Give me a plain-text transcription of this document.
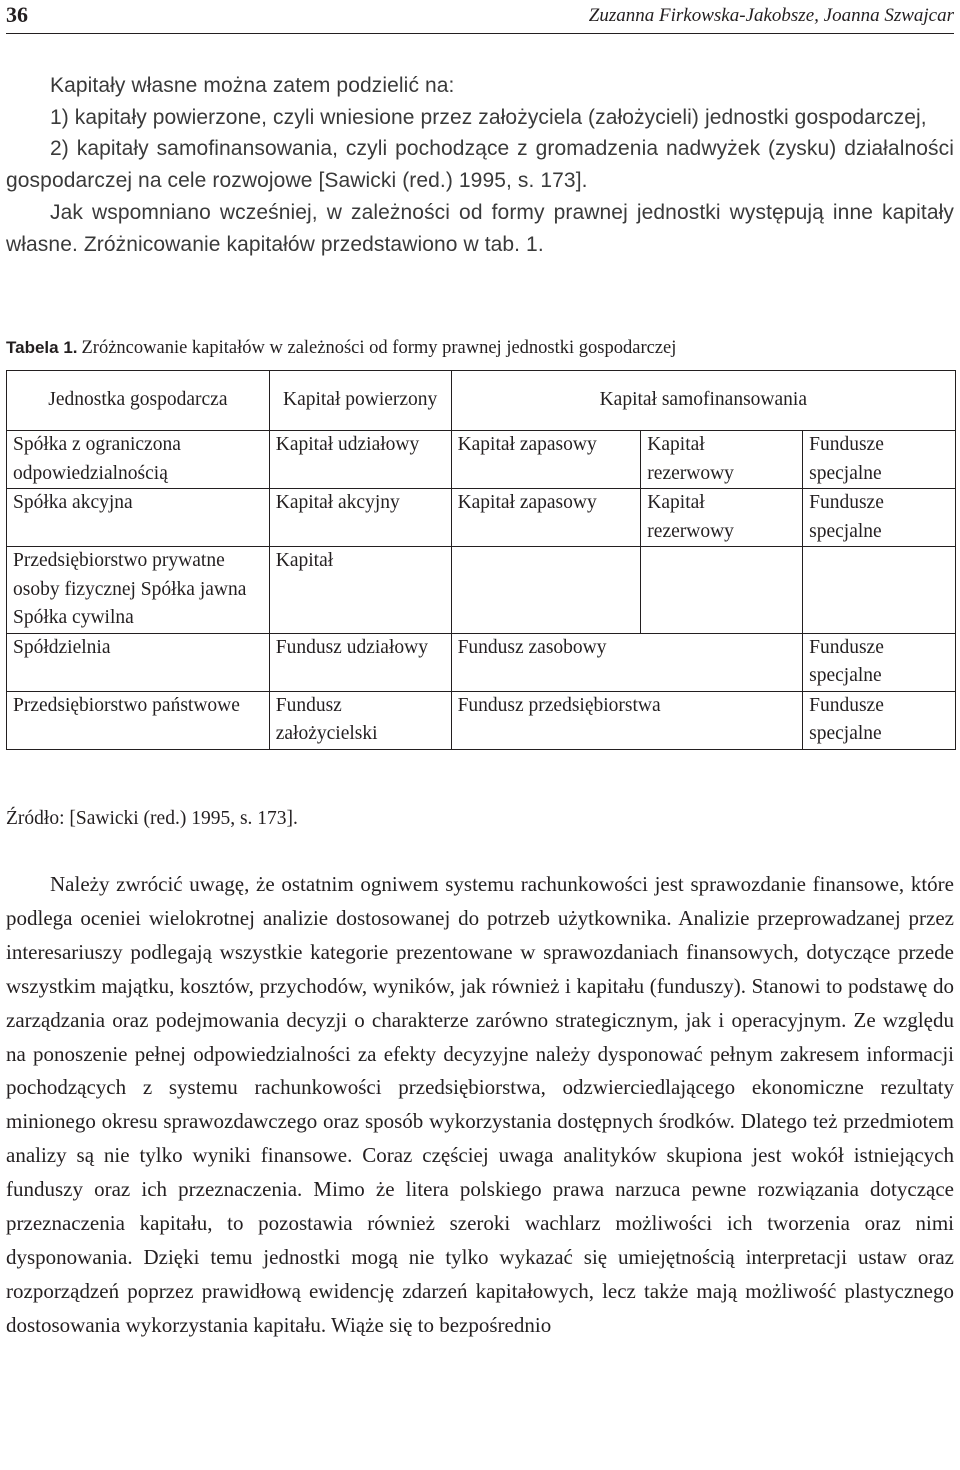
36	Zuzanna Firkowska-Jakobsze, Joanna Szwajcar

Kapitały własne można zatem podzielić na:

1) kapitały powierzone, czyli wniesione przez założyciela (założycieli) jednostki gospodarczej,

2) kapitały samofinansowania, czyli pochodzące z gromadzenia nadwyżek (zysku) działalności gospodarczej na cele rozwojowe [Sawicki (red.) 1995, s. 173].

Jak wspomniano wcześniej, w zależności od formy prawnej jednostki występują inne kapitały własne. Zróżnicowanie kapitałów przedstawiono w tab. 1.

Tabela 1. Zróżncowanie kapitałów w zależności od formy prawnej jednostki gospodarczej
Jednostka gospodarcza	Kapitał powierzony	Kapitał samofinansowania		
Spółka z ograniczona odpowiedzialnością	Kapitał udziałowy	Kapitał zapasowy	Kapitał rezerwowy	Fundusze specjalne
Spółka akcyjna	Kapitał akcyjny	Kapitał zapasowy	Kapitał rezerwowy	Fundusze specjalne
Przedsiębiorstwo prywatne osoby fizycznej Spółka jawna Spółka cywilna	Kapitał			
Spółdzielnia	Fundusz udziałowy	Fundusz zasobowy		Fundusze specjalne
Przedsiębiorstwo państwowe	Fundusz założycielski	Fundusz przedsiębiorstwa		Fundusze specjalne
Źródło: [Sawicki (red.) 1995, s. 173].

Należy zwrócić uwagę, że ostatnim ogniwem systemu rachunkowości jest sprawozdanie finansowe, które podlega oceniei wielokrotnej analizie dostosowanej do potrzeb użytkownika. Analizie przeprowadzanej przez interesariuszy podlegają wszystkie kategorie prezentowane w sprawozdaniach finansowych, dotyczące przede wszystkim majątku, kosztów, przychodów, wyników, jak również i kapitału (funduszy). Stanowi to podstawę do zarządzania oraz podejmowania decyzji o charakterze zarówno strategicznym, jak i operacyjnym. Ze względu na ponoszenie pełnej odpowiedzialności za efekty decyzyjne należy dysponować pełnym zakresem informacji pochodzących z systemu rachunkowości przedsiębiorstwa, odzwierciedlającego ekonomiczne rezultaty minionego okresu sprawozdawczego oraz sposób wykorzystania dostępnych środków. Dlatego też przedmiotem analizy są nie tylko wyniki finansowe. Coraz częściej uwaga analityków skupiona jest wokół istniejących funduszy oraz ich przeznaczenia. Mimo że litera polskiego prawa narzuca pewne rozwiązania dotyczące przeznaczenia kapitału, to pozostawia również szeroki wachlarz możliwości ich tworzenia oraz nimi dysponowania. Dzięki temu jednostki mogą nie tylko wykazać się umiejętnością interpretacji ustaw oraz rozporządzeń poprzez prawidłową ewidencję zdarzeń kapitałowych, lecz także mają możliwość plastycznego dostosowania wykorzystania kapitału. Wiąże się to bezpośrednio
